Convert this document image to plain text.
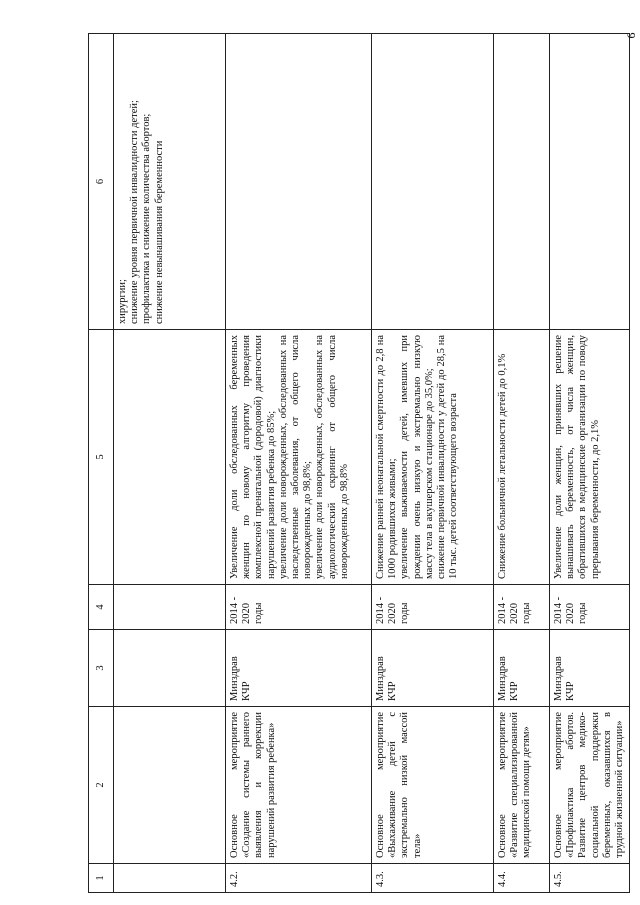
9
1	2	3	4	5	6

					хирургии; снижение уровня первичной инвалидности детей; профилактика и снижение количества абортов; снижение невынашивания беременности

4.2.	Основное мероприятие «Создание системы раннего выявления и коррекции нарушений развития ребенка»	Минздрав КЧР	2014 - 2020 годы	Увеличение доли обследованных беременных женщин по новому алгоритму проведения комплексной пренатальной (дородовой) диагностики нарушений развития ребенка до 85%; увеличение доли новорожденных, обследованных на наследственные заболевания, от общего числа новорожденных до 98,8%; увеличение доли новорожденных, обследованных на аудиологический скрининг от общего числа новорожденных до 98,8%	

4.3.	Основное мероприятие «Выхаживание детей с экстремально низкой массой тела»	Минздрав КЧР	2014 - 2020 годы	Снижение ранней неонатальной смертности до 2,8 на 1000 родившихся живыми; увеличение выживаемости детей, имевших при рождении очень низкую и экстремально низкую массу тела в акушерском стационаре до 35,0%; снижение первичной инвалидности у детей до 28,5 на 10 тыс. детей соответствующего возраста	

4.4.	Основное мероприятие «Развитие специализированной медицинской помощи детям»	Минздрав КЧР	2014 - 2020 годы	Снижение больничной летальности детей до 0,1%	
4.5.	Основное мероприятие «Профилактика абортов. Развитие центров медико-социальной поддержки беременных, оказавшихся в трудной жизненной ситуации»	Минздрав КЧР	2014 - 2020 годы	Увеличение доли женщин, принявших решение вынашивать беременность, от числа женщин, обратившихся в медицинские организации по поводу прерывания беременности, до 2,1%	
